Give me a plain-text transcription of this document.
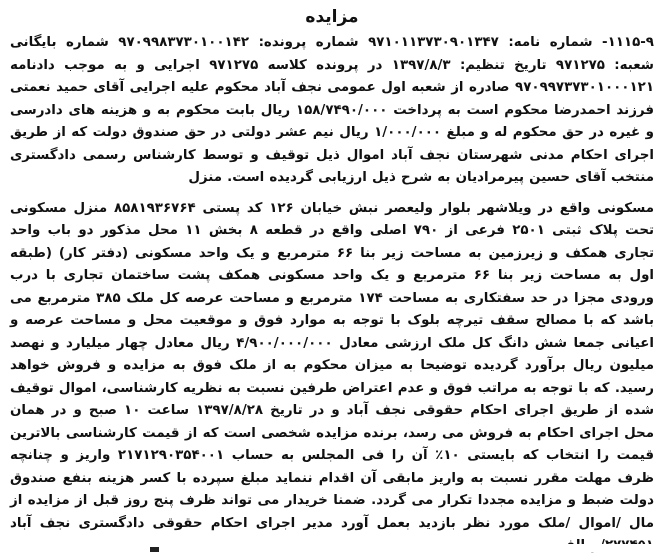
مزایده

۱۱۱۵-۹- شماره نامه: ۹۷۱۰۱۱۳۷۳۰۹۰۱۳۴۷ شماره پرونده: ۹۷۰۹۹۸۳۷۳۰۱۰۰۱۴۲ شماره بایگانی شعبه: ۹۷۱۲۷۵ تاریخ تنظیم: ۱۳۹۷/۸/۳ در پرونده کلاسه ۹۷۱۲۷۵ اجرایی و به موجب دادنامه ۹۷۰۹۹۷۳۷۳۰۱۰۰۰۱۲۱ صادره از شعبه اول عمومی نجف آباد محکوم علیه اجرایی آقای حمید نعمتی فرزند احمدرضا محکوم است به پرداخت ۱۵۸/۷۴۹۰/۰۰۰ ریال بابت محکوم به و هزینه های دادرسی و غیره در حق محکوم له و مبلغ ۱/۰۰۰/۰۰۰ ریال نیم عشر دولتی در حق صندوق دولت که از طریق اجرای احکام مدنی شهرستان نجف آباد اموال ذیل توقیف و توسط کارشناس رسمی دادگستری منتخب آقای حسین پیرمرادیان به شرح ذیل ارزیابی گردیده است. منزل

مسکونی واقع در ویلاشهر بلوار ولیعصر نبش خیابان ۱۲۶ کد پستی ۸۵۸۱۹۳۶۷۶۴ منزل مسکونی تحت پلاک ثبتی ۲۵۰۱ فرعی از ۷۹۰ اصلی واقع در قطعه ۸ بخش ۱۱ محل مذکور دو باب واحد تجاری همکف و زیرزمین به مساحت زیر بنا ۶۶ مترمربع و یک واحد مسکونی (دفتر کار) (طبقه اول به مساحت زیر بنا ۶۶ مترمربع و یک واحد مسکونی همکف پشت ساختمان تجاری با درب ورودی مجزا در حد سفتکاری به مساحت ۱۷۴ مترمربع و مساحت عرصه کل ملک ۳۸۵ مترمربع می باشد که با مصالح سقف تیرچه بلوک با توجه به موارد فوق و موقعیت محل و مساحت عرصه و اعیانی جمعا شش دانگ کل ملک ارزشی معادل ۴/۹۰۰/۰۰۰/۰۰۰ ریال معادل چهار میلیارد و نهصد میلیون ریال برآورد گردیده توضیحا به میزان محکوم به از ملک فوق به مزایده و فروش خواهد رسید. که با توجه به مراتب فوق و عدم اعتراض طرفین نسبت به نظریه کارشناسی، اموال توقیف شده از طریق اجرای احکام حقوقی نجف آباد و در تاریخ ۱۳۹۷/۸/۲۸ ساعت ۱۰ صبح و در همان محل اجرای احکام به فروش می رسد، برنده مزایده شخصی است که از قیمت کارشناسی بالاترین قیمت را انتخاب که بایستی ۱۰٪ آن را فی المجلس به حساب ۲۱۷۱۲۹۰۳۵۴۰۰۱ واریز و چنانچه ظرف مهلت مقرر نسبت به واریز مابقی آن اقدام ننماید مبلغ سپرده با کسر هزینه بنفع صندوق دولت ضبط و مزایده مجددا تکرار می گردد. ضمنا خریدار می تواند ظرف پنج روز قبل از مزایده از مال /اموال /ملک مورد نظر بازدید بعمل آورد مدیر اجرای احکام حقوقی دادگستری نجف آباد
